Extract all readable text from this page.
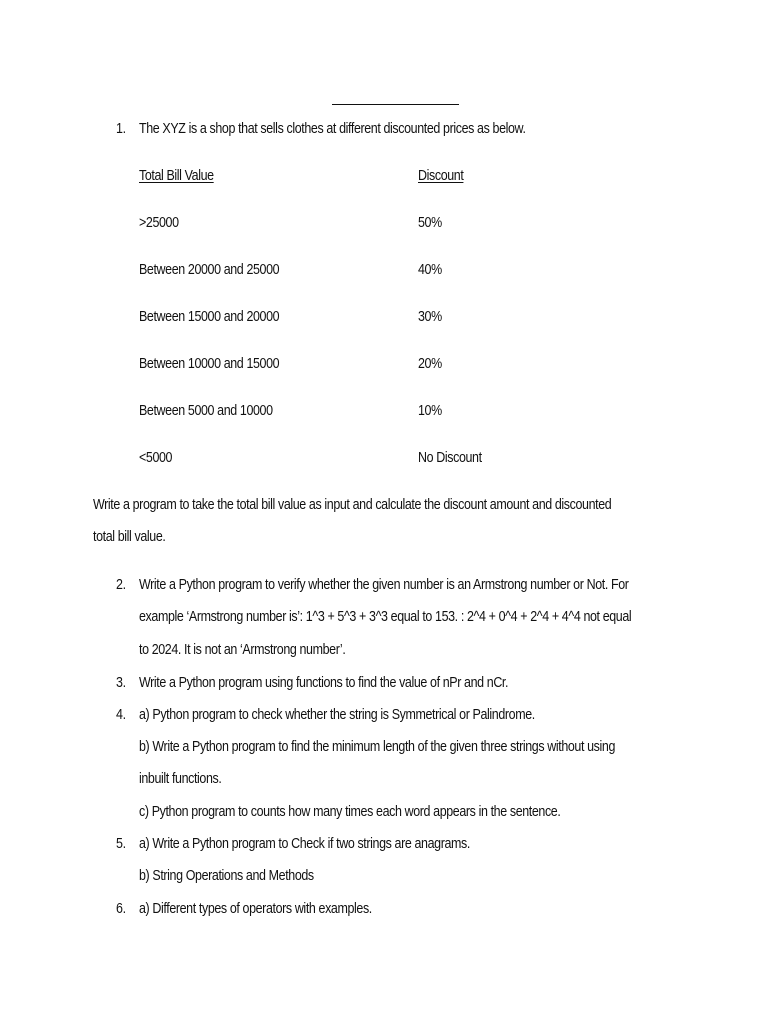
1. The XYZ is a shop that sells clothes at different discounted prices as below.
Total Bill Value	Discount
>25000	50%
Between 20000 and 25000	40%
Between 15000 and 20000	30%
Between 10000 and 15000	20%
Between 5000 and 10000	10%
<5000	No Discount
Write a program to take the total bill value as input and calculate the discount amount and discounted
total bill value.
2. Write a Python program to verify whether the given number is an Armstrong number or Not. For
example ‘Armstrong number is’: 1^3 + 5^3 + 3^3 equal to 153. : 2^4 + 0^4 + 2^4 + 4^4 not equal
to 2024. It is not an ‘Armstrong number’.
3. Write a Python program using functions to find the value of nPr and nCr.
4. a) Python program to check whether the string is Symmetrical or Palindrome.
b) Write a Python program to find the minimum length of the given three strings without using
inbuilt functions.
c) Python program to counts how many times each word appears in the sentence.
5. a) Write a Python program to Check if two strings are anagrams.
b) String Operations and Methods
6. a) Different types of operators with examples.
